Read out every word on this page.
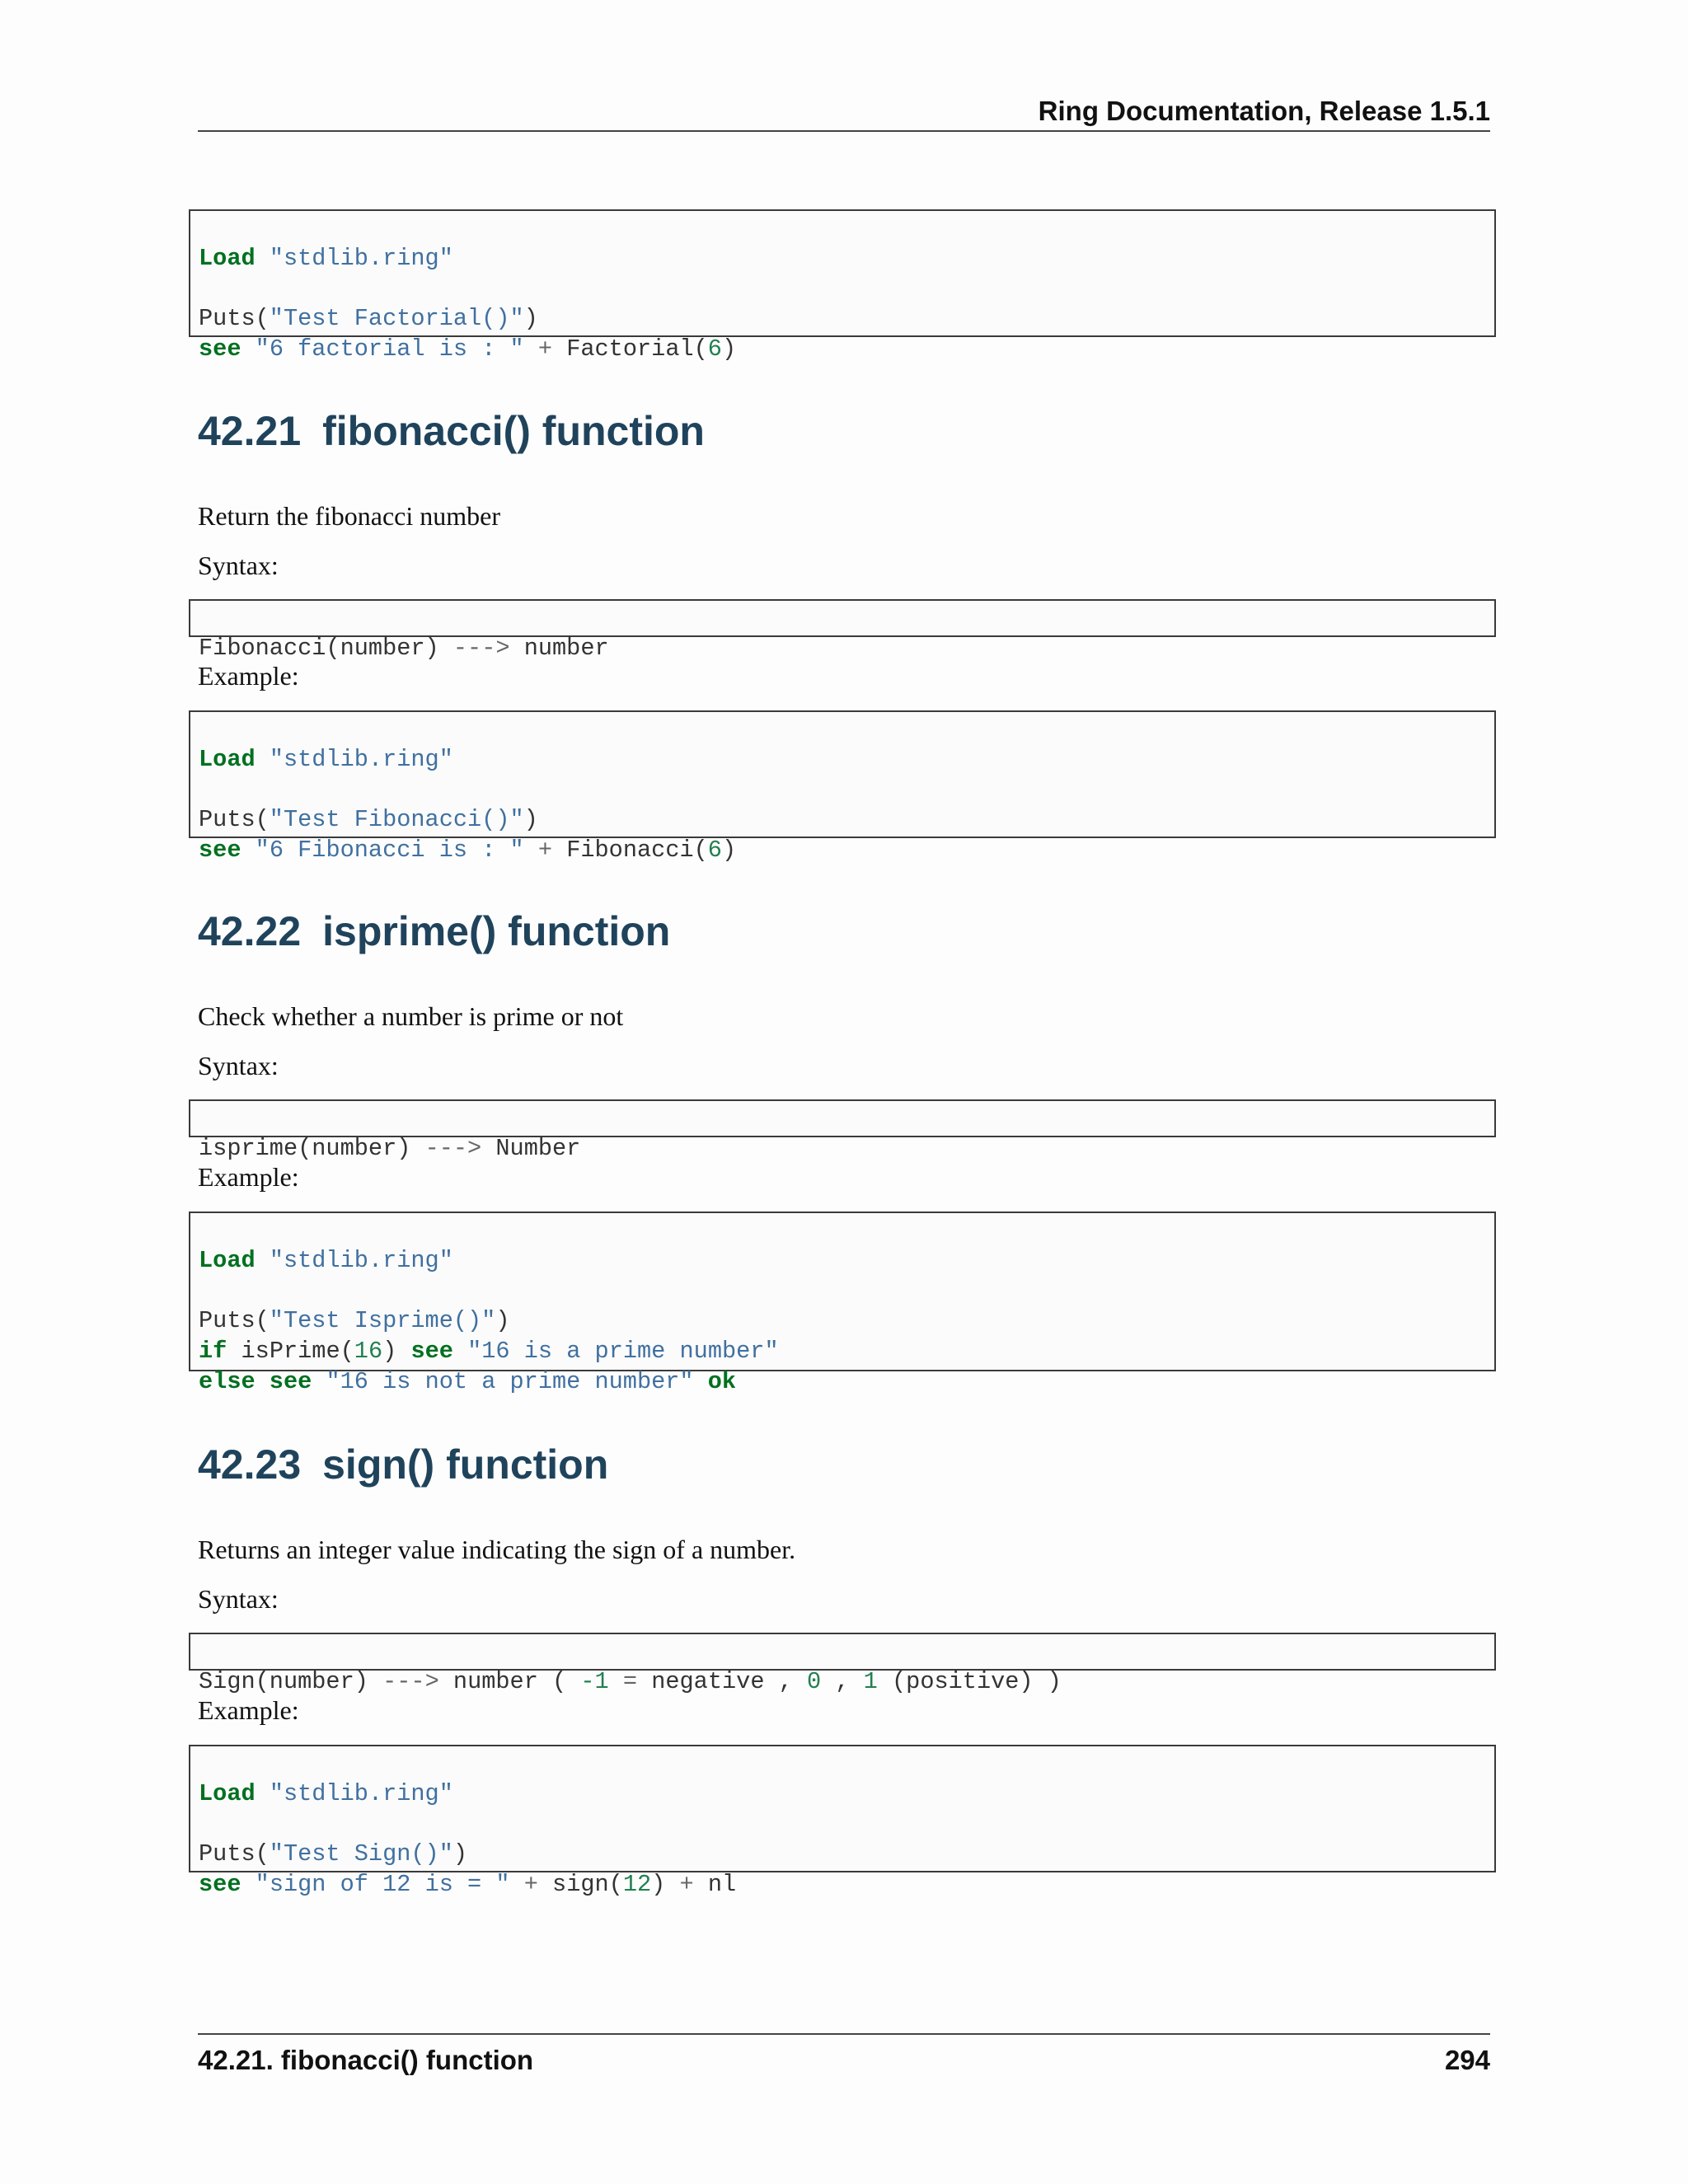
Ring Documentation, Release 1.5.1

Load "stdlib.ring"
Puts("Test Factorial()")
see "6 factorial is : " + Factorial(6)
42.21 fibonacci() function

Return the fibonacci number

Syntax:

Fibonacci(number) ---> number

Example:

Load "stdlib.ring"
Puts("Test Fibonacci()")
see "6 Fibonacci is : " + Fibonacci(6)
42.22 isprime() function

Check whether a number is prime or not

Syntax:

isprime(number) ---> Number

Example:

Load "stdlib.ring"
Puts("Test Isprime()")
if isPrime(16) see "16 is a prime number"
else see "16 is not a prime number" ok
42.23 sign() function

Returns an integer value indicating the sign of a number.

Syntax:

Sign(number) ---> number ( -1 = negative , 0 , 1 (positive) )

Example:

Load "stdlib.ring"
Puts("Test Sign()")
see "sign of 12 is = " + sign(12) + nl
42.21. fibonacci() function	294
